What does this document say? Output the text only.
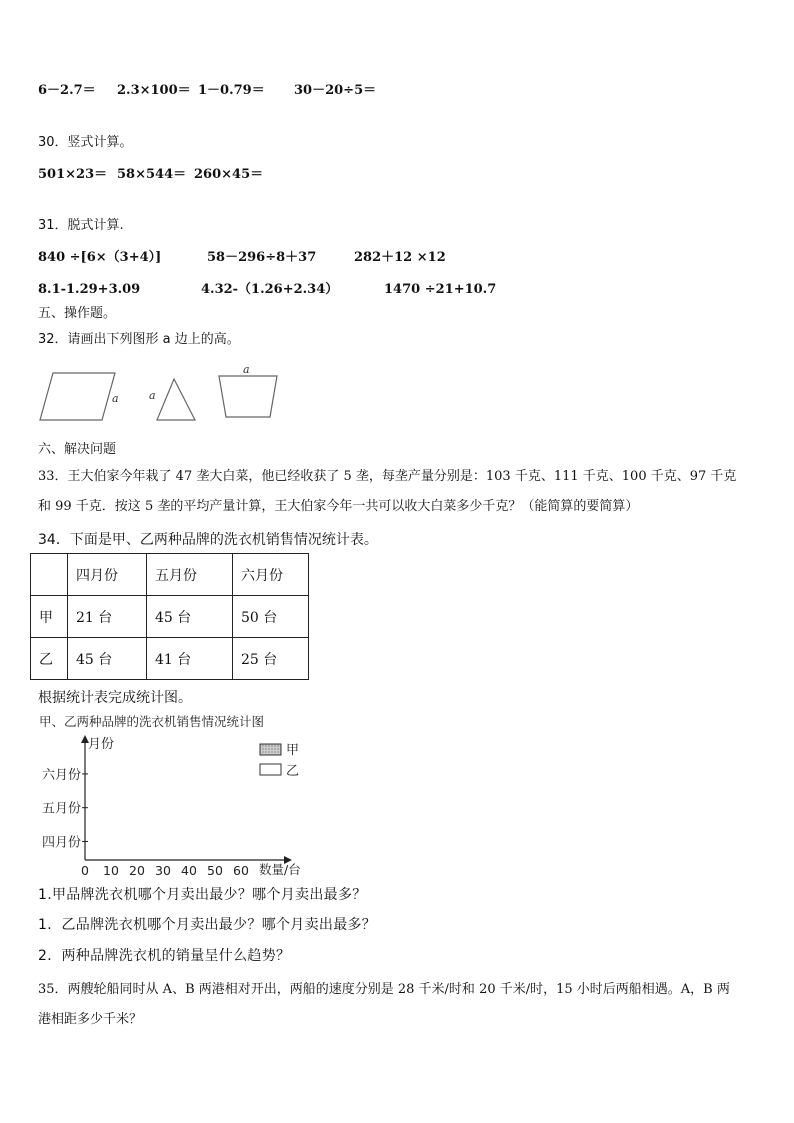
6－2.7＝ 2.3×100＝ 1－0.79＝ 30－20÷5＝
30．竖式计算。
501×23＝ 58×544＝ 260×45＝
31．脱式计算.
840 ÷[6×（3+4）]	58－296÷8＋37	282＋12 ×12
8.1-1.29+3.09	4.32-（1.26+2.34）	1470 ÷21+10.7
五、操作题。
32．请画出下列图形 a 边上的高。
a	a
a
六、解决问题
33．王大伯家今年栽了 47 垄大白菜，他已经收获了 5 垄，每垄产量分别是：103 千克、111 千克、100 千克、97 千克
和 99 千克．按这 5 垄的平均产量计算，王大伯家今年一共可以收大白菜多少千克？（能简算的要简算）
34．下面是甲、乙两种品牌的洗衣机销售情况统计表。
	四月份	五月份	六月份
甲	21 台	45 台	50 台
乙	45 台	41 台	25 台
根据统计表完成统计图。
甲、乙两种品牌的洗衣机销售情况统计图
月份
四月份
五月份
六月份
0 10 20 30 40 50 60 数量/台
甲
乙
1.甲品牌洗衣机哪个月卖出最少？哪个月卖出最多？
1．乙品牌洗衣机哪个月卖出最少？哪个月卖出最多？
2．两种品牌洗衣机的销量呈什么趋势？
35．两艘轮船同时从 A、B 两港相对开出，两船的速度分别是 28 千米/时和 20 千米/时，15 小时后两船相遇。A，B 两
港相距多少千米？
